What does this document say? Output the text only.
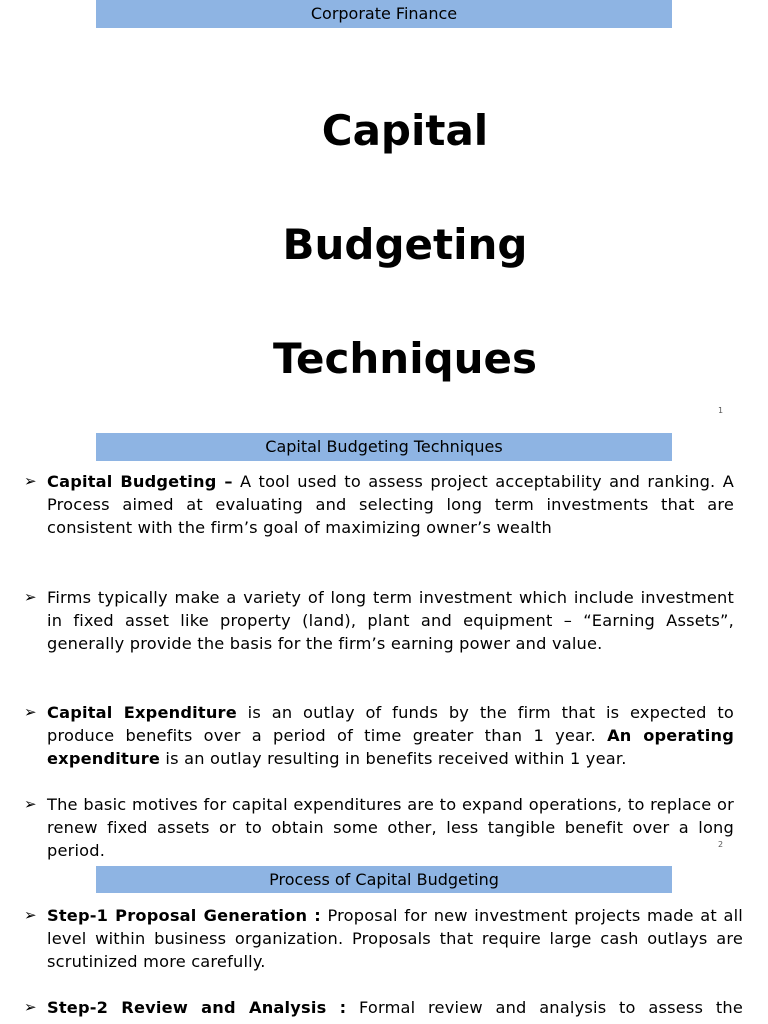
Corporate Finance
Capital
Budgeting
Techniques
1
Capital Budgeting Techniques
➢ Capital Budgeting – A tool used to assess project acceptability and ranking. A Process aimed at evaluating and selecting long term investments that are consistent with the firm’s goal of maximizing owner’s wealth
➢ Firms typically make a variety of long term investment which include investment in fixed asset like property (land), plant and equipment – “Earning Assets”, generally provide the basis for the firm’s earning power and value.
➢ Capital Expenditure is an outlay of funds by the firm that is expected to produce benefits over a period of time greater than 1 year. An operating expenditure is an outlay resulting in benefits received within 1 year.
➢ The basic motives for capital expenditures are to expand operations, to replace or renew fixed assets or to obtain some other, less tangible benefit over a long period.	2
Process of Capital Budgeting
➢ Step-1 Proposal Generation : Proposal for new investment projects made at all level within business organization. Proposals that require large cash outlays are scrutinized more carefully.
➢ Step-2 Review and Analysis : Formal review and analysis to assess the
